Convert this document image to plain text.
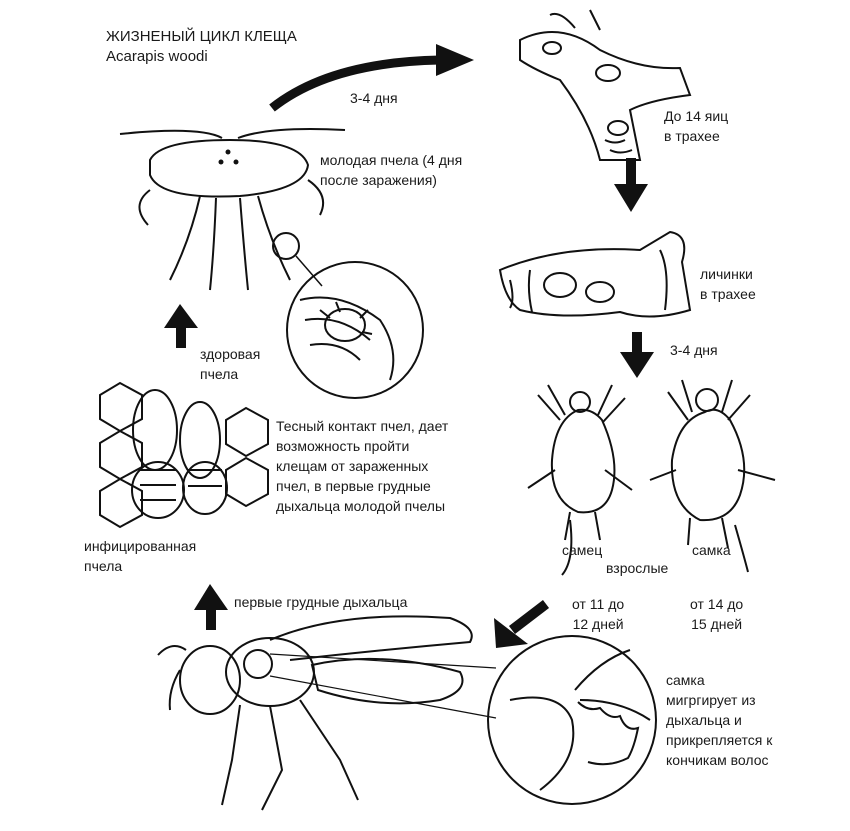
ЖИЗНЕНЫЙ ЦИКЛ КЛЕЩА
Acarapis woodi
3-4 дня
До 14 яиц
в трахее
молодая пчела (4 дня
после заражения)
личинки
в трахее
3-4 дня
здоровая
пчела
Тесный контакт пчел, дает
возможность пройти
клещам от зараженных
пчел, в первые грудные
дыхальца молодой пчелы
самец
взрослые
самка
инфицированная
пчела
от 11 до
12 дней
от 14 до
15 дней
первые грудные дыхальца
самка
мигргирует из
дыхальца и
прикрепляется к
кончикам волос
